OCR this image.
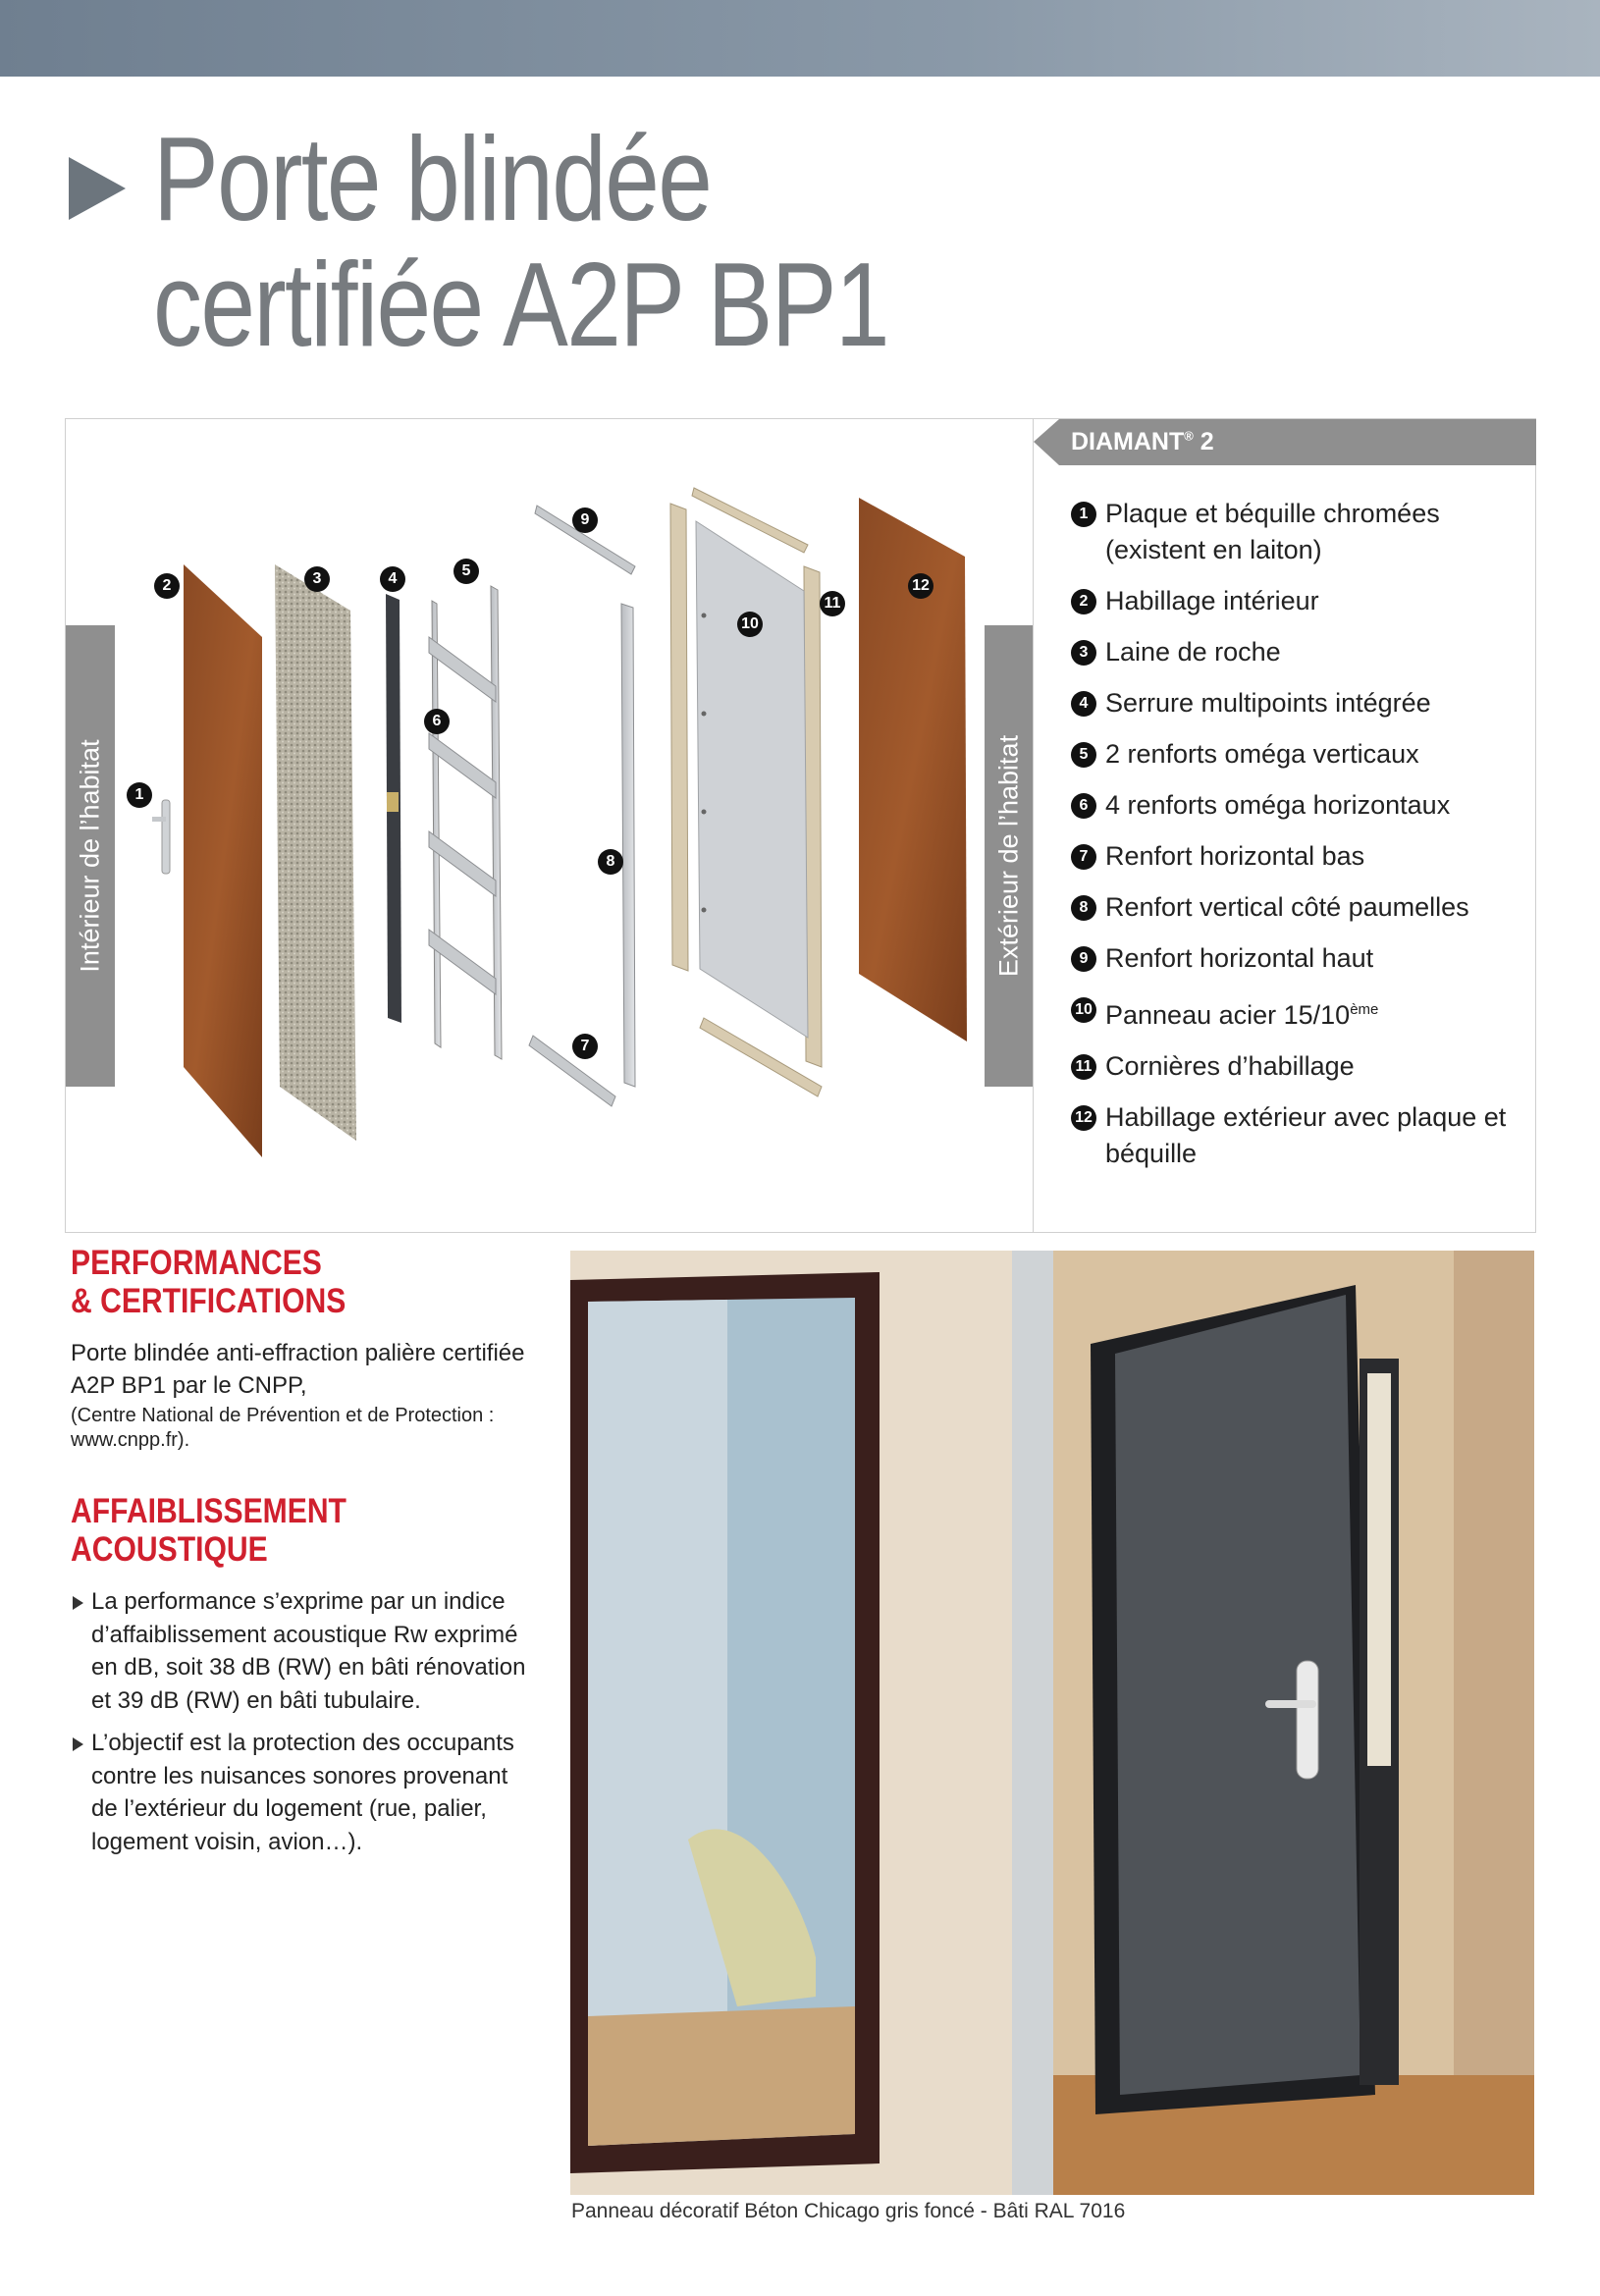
Porte blindée
certifiée A2P BP1
Intérieur de l’habitat	Extérieur de l’habitat
1
2	3	4	5
6
7
8
9
10
11
12
DIAMANT® 2
1 Plaque et béquille chromées (existent en laiton)
2 Habillage intérieur
3 Laine de roche
4 Serrure multipoints intégrée
5 2 renforts oméga verticaux
6 4 renforts oméga horizontaux
7 Renfort horizontal bas
8 Renfort vertical côté paumelles
9 Renfort horizontal haut
10 Panneau acier 15/10ème
11 Cornières d’habillage
12 Habillage extérieur avec plaque et béquille
PERFORMANCES
& CERTIFICATIONS
Porte blindée anti-effraction palière certifiée A2P BP1 par le CNPP,
(Centre National de Prévention et de Protection : www.cnpp.fr).
AFFAIBLISSEMENT
ACOUSTIQUE
La performance s’exprime par un indice d’affaiblissement acoustique Rw exprimé en dB, soit 38 dB (RW) en bâti rénovation et 39 dB (RW) en bâti tubulaire.
L’objectif est la protection des occupants contre les nuisances sonores provenant de l’extérieur du logement (rue, palier, logement voisin, avion…).
Panneau décoratif Béton Chicago gris foncé - Bâti RAL 7016
